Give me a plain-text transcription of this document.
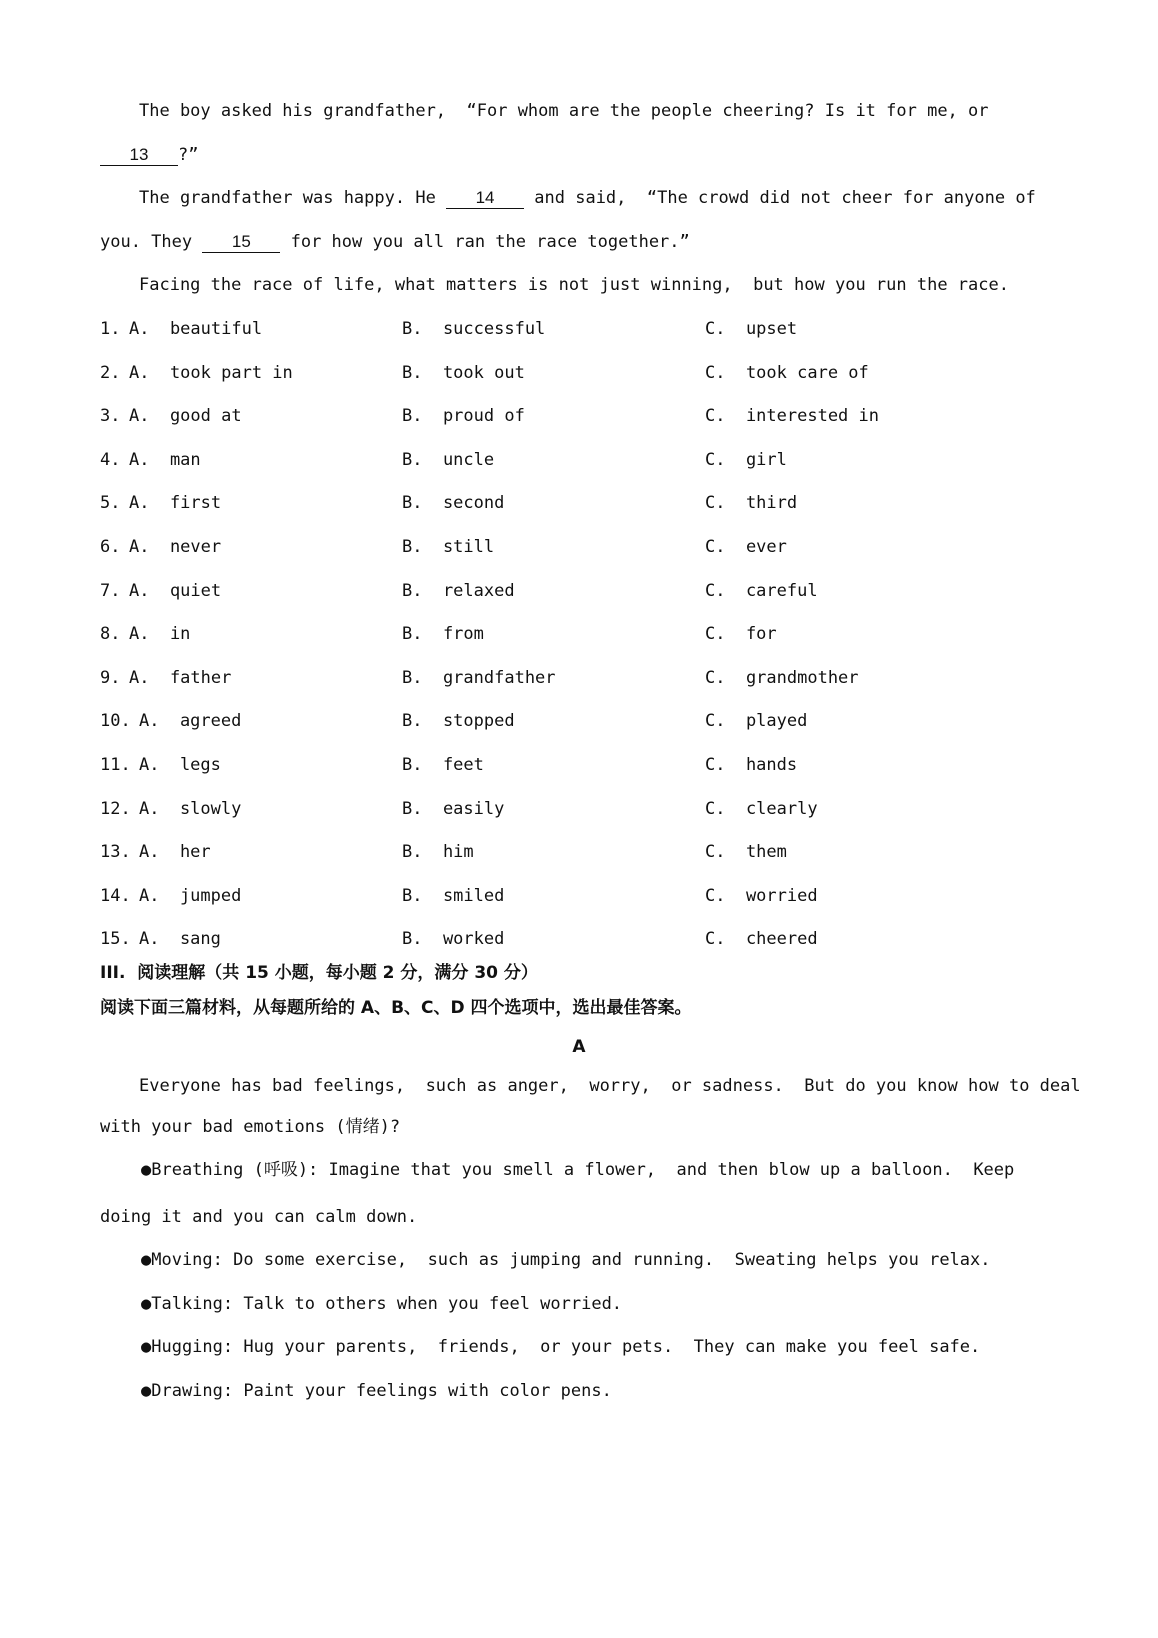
The boy asked his grandfather,  “For whom are the people cheering? Is it for me, or
13 ?”
The grandfather was happy. He 14 and said,  “The crowd did not cheer for anyone of
you. They 15 for how you all ran the race together.”
Facing the race of life, what matters is not just winning,  but how you run the race.
1. A.  beautiful	B.  successful	C.  upset
2. A.  took part in	B.  took out	C.  took care of
3. A.  good at	B.  proud of	C.  interested in
4. A.  man	B.  uncle	C.  girl
5. A.  first	B.  second	C.  third
6. A.  never	B.  still	C.  ever
7. A.  quiet	B.  relaxed	C.  careful
8. A.  in	B.  from	C.  for
9. A.  father	B.  grandfather	C.  grandmother
10. A.  agreed	B.  stopped	C.  played
11. A.  legs	B.  feet	C.  hands
12. A.  slowly	B.  easily	C.  clearly
13. A.  her	B.  him	C.  them
14. A.  jumped	B.  smiled	C.  worried
15. A.  sang	B.  worked	C.  cheered
III.  阅读理解（共 15 小题，每小题 2 分，满分 30 分）
阅读下面三篇材料，从每题所给的 A、B、C、D 四个选项中，选出最佳答案。
A
Everyone has bad feelings,  such as anger,  worry,  or sadness.  But do you know how to deal
with your bad emotions (情绪)?
●Breathing (呼吸): Imagine that you smell a flower,  and then blow up a balloon.  Keep
doing it and you can calm down.
●Moving: Do some exercise,  such as jumping and running.  Sweating helps you relax.
●Talking: Talk to others when you feel worried.
●Hugging: Hug your parents,  friends,  or your pets.  They can make you feel safe.
●Drawing: Paint your feelings with color pens.
